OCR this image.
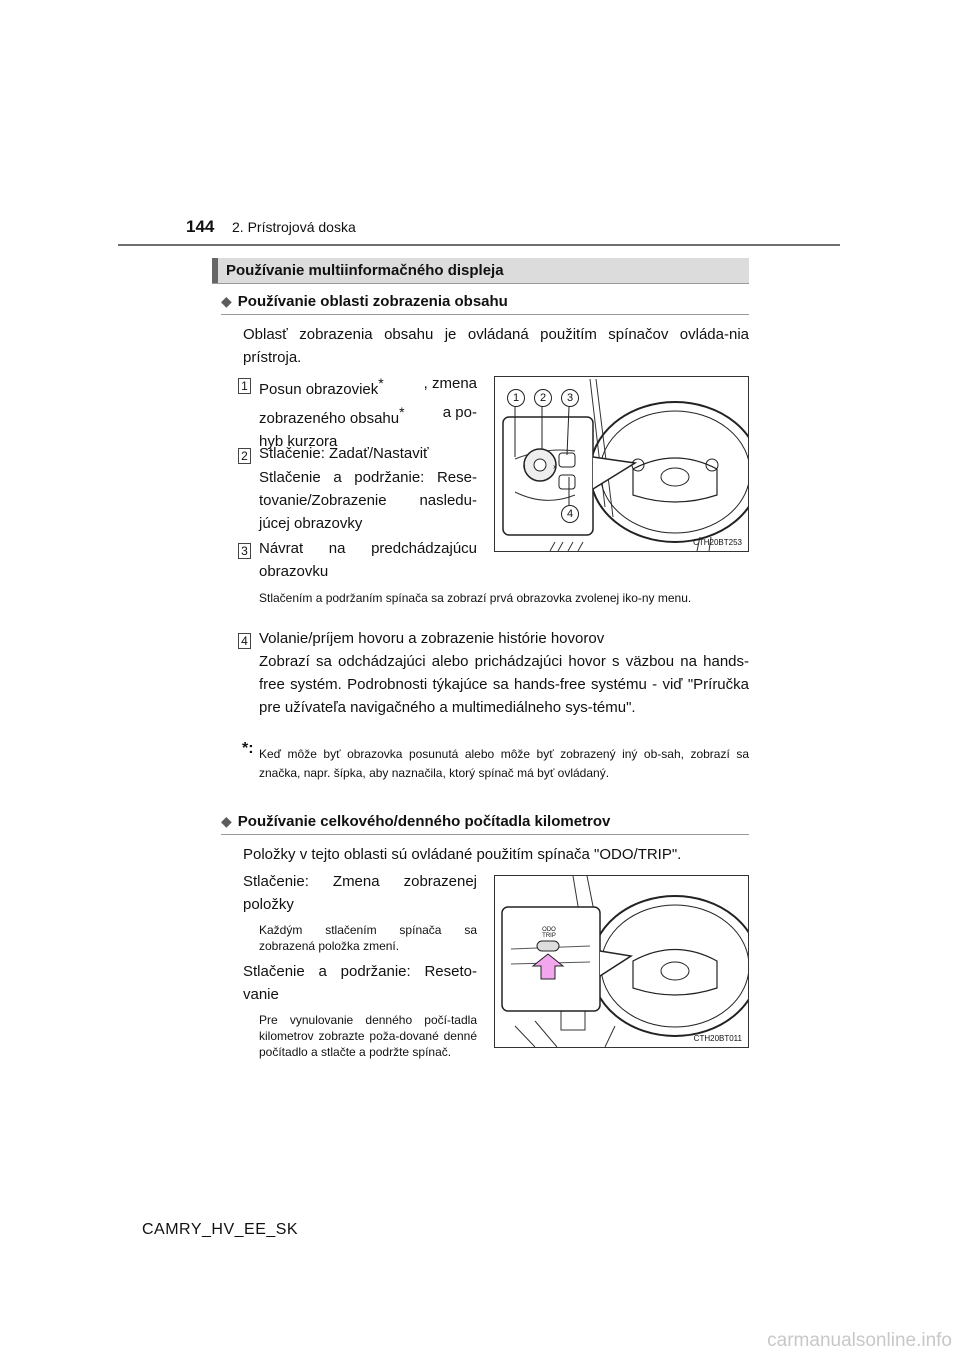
144 2. Prístrojová doska
Používanie multiinformačného displeja
◆ Používanie oblasti zobrazenia obsahu
Oblasť zobrazenia obsahu je ovládaná použitím spínačov ovláda-nia prístroja.
1 Posun obrazoviek*	, zmena
zobrazeného obsahu*	a po-
hyb kurzora
2 Stlačenie: Zadať/Nastaviť
Stlačenie a podržanie: Rese-tovanie/Zobrazenie nasledu-júcej obrazovky
3 Návrat na predchádzajúcu obrazovku
‹	›
1	2	3
4
CTH20BT253
Stlačením a podržaním spínača sa zobrazí prvá obrazovka zvolenej iko-ny menu.
4 Volanie/príjem hovoru a zobrazenie histórie hovorov
Zobrazí sa odchádzajúci alebo prichádzajúci hovor s väzbou na hands-free systém. Podrobnosti týkajúce sa hands-free systému - viď "Príručka pre užívateľa navigačného a multimediálneho sys-tému".
*: Keď môže byť obrazovka posunutá alebo môže byť zobrazený iný ob-sah, zobrazí sa značka, napr. šípka, aby naznačila, ktorý spínač má byť ovládaný.
◆ Používanie celkového/denného počítadla kilometrov
Položky v tejto oblasti sú ovládané použitím spínača "ODO/TRIP".
Stlačenie: Zmena zobrazenej položky
Každým stlačením spínača sa zobrazená položka zmení.
Stlačenie a podržanie: Reseto-vanie
Pre vynulovanie denného počí-tadla kilometrov zobrazte poža-dované denné počítadlo a stlačte a podržte spínač.
ODO
TRIP
CTH20BT011
CAMRY_HV_EE_SK
carmanualsonline.info
